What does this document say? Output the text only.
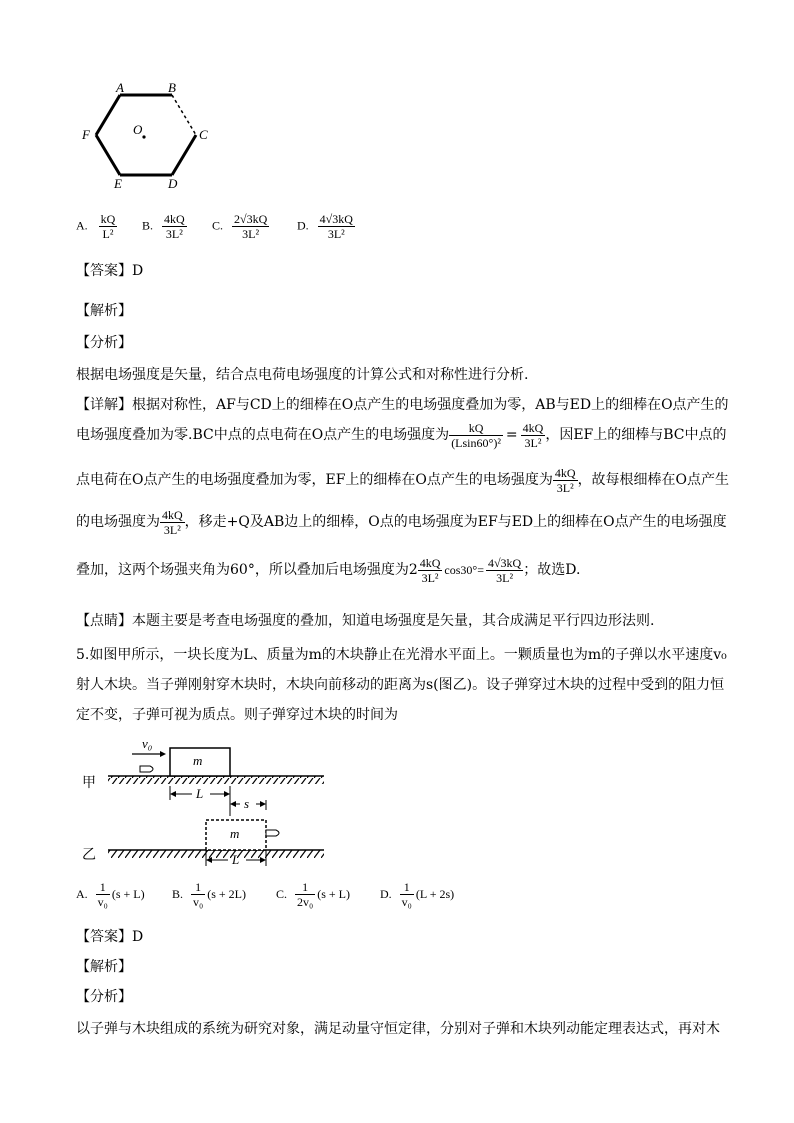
A	B
C
D
E
F	O
A. $\frac{kQ}{\text{L²}} B$. $\frac{4kQ}{\text{3L²}} C$. $\frac{2√3kQ}{\text{3L²}} D$. $\frac{4√3kQ}{\text{3L²}}$
【答案】D
【解析】
【分析】
根据电场强度是矢量，结合点电荷电场强度的计算公式和对称性进行分析.
【详解】根据对称性，AF与CD上的细棒在O点产生的电场强度叠加为零，AB与ED上的细棒在O点产生的
电场强度叠加为零.BC中点的点电荷在O点产生的电场强度为 $\frac{kQ}{\text{(Lsin60°)²}} = \frac{4kQ}{\text{3L²}}$ ，因EF上的细棒与BC中点的
点电荷在O点产生的电场强度叠加为零，EF上的细棒在O点产生的电场强度为 $\frac{4kQ}{\text{3L²}}$ ，故每根细棒在O点产生
的电场强度为 $\frac{4kQ}{\text{3L²}}$ ，移走+Q及AB边上的细棒，O点的电场强度为EF与ED上的细棒在O点产生的电场强度
叠加，这两个场强夹角为60°，所以叠加后电场强度为$2 \frac{4kQ}{\text{3L²}} \cos 30^\circ= \frac{4√3kQ}{\text{3L²}}$ ；故选D.
【点睛】本题主要是考查电场强度的叠加，知道电场强度是矢量，其合成满足平行四边形法则.
5.如图甲所示，一块长度为L、质量为m的木块静止在光滑水平面上。一颗质量也为m的子弹以水平速度v₀
射人木块。当子弹刚射穿木块时，木块向前移动的距离为s(图乙)。设子弹穿过木块的过程中受到的阻力恒
定不变，子弹可视为质点。则子弹穿过木块的时间为
甲
乙
v₀
m
L
s
m
L
A. $\frac{1}{\text{v₀}} (s + L)$ B. $\frac{1}{\text{v₀}} (s + 2L)$	C. $\frac{1}{\text{2v₀}} (s + L)$	D. $\frac{1}{\text{v₀}} (L + 2s)$
【答案】D
【解析】
【分析】
以子弹与木块组成的系统为研究对象，满足动量守恒定律，分别对子弹和木块列动能定理表达式，再对木
